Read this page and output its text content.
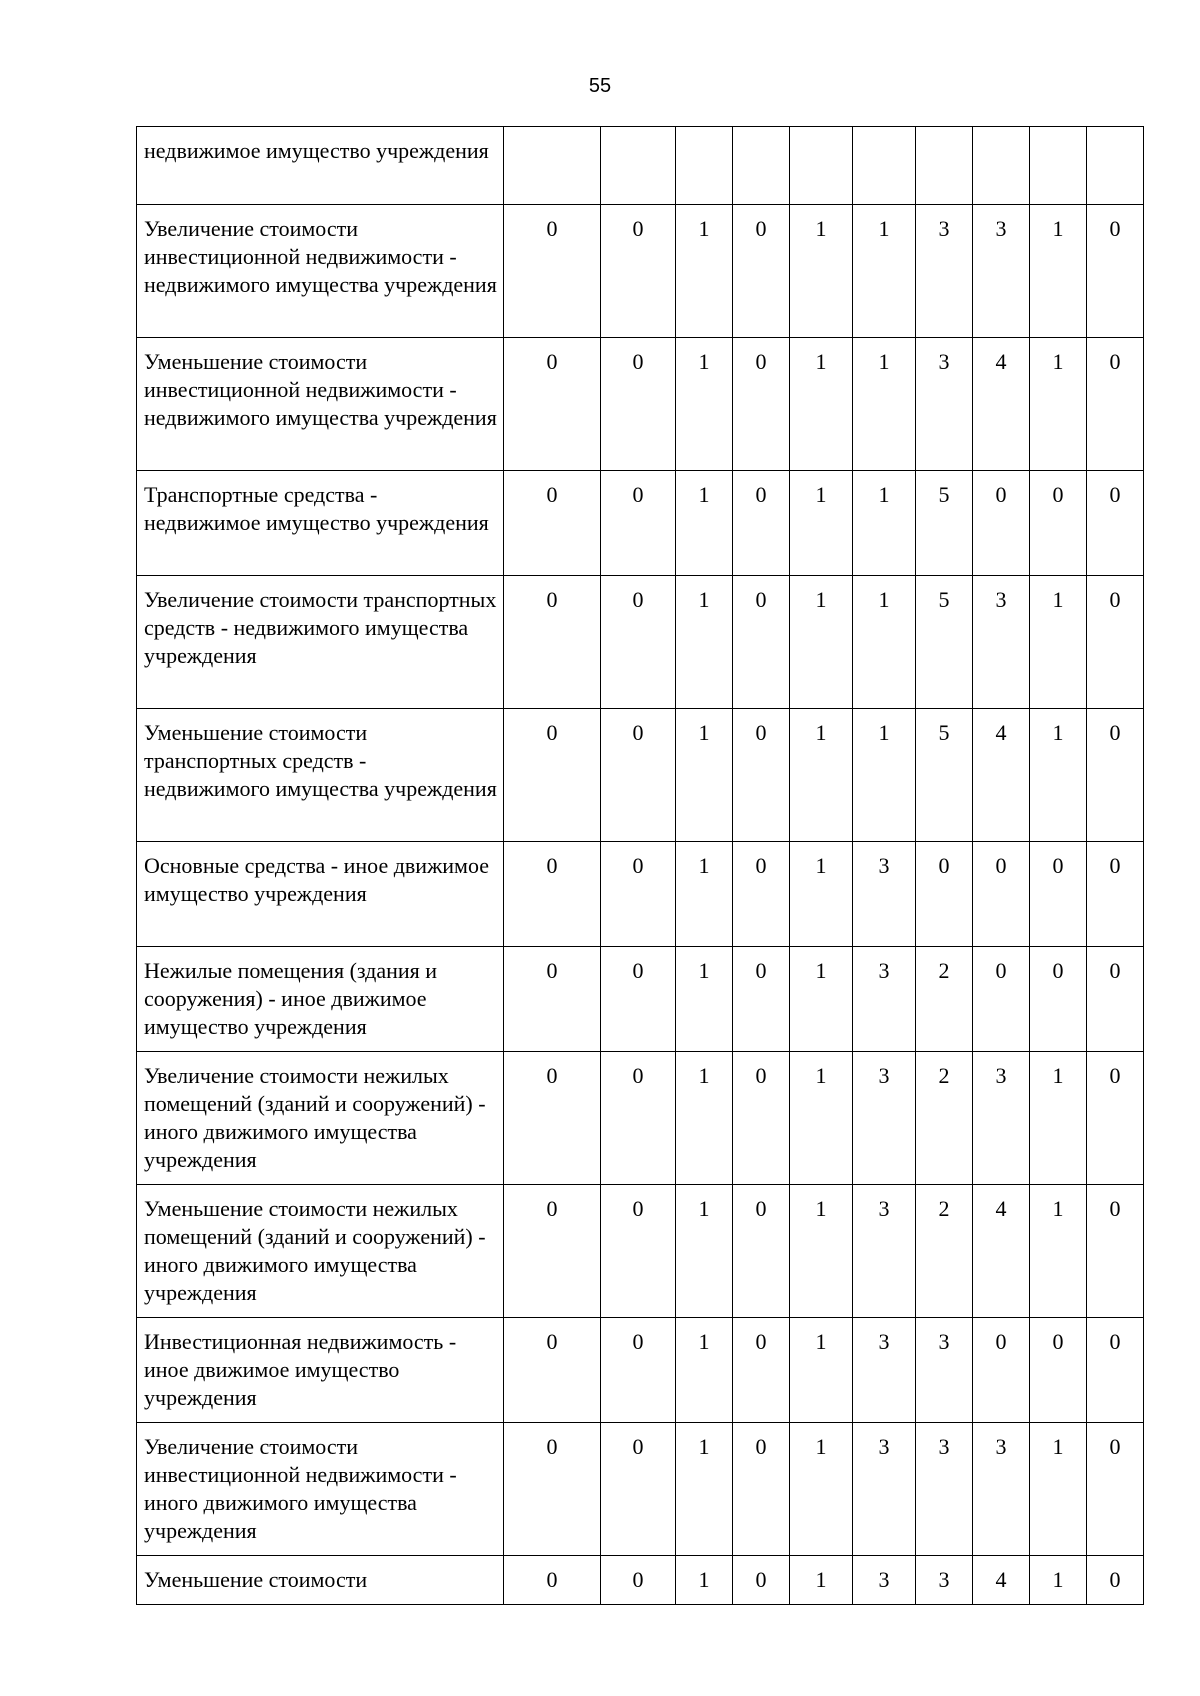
55
недвижимое имущество учреждения										
Увеличение стоимости инвестиционной недвижимости - недвижимого имущества учреждения	0	0	1	0	1	1	3	3	1	0
Уменьшение стоимости инвестиционной недвижимости - недвижимого имущества учреждения	0	0	1	0	1	1	3	4	1	0
Транспортные средства - недвижимое имущество учреждения	0	0	1	0	1	1	5	0	0	0
Увеличение стоимости транспортных средств - недвижимого имущества учреждения	0	0	1	0	1	1	5	3	1	0
Уменьшение стоимости транспортных средств - недвижимого имущества учреждения	0	0	1	0	1	1	5	4	1	0
Основные средства - иное движимое имущество учреждения	0	0	1	0	1	3	0	0	0	0
Нежилые помещения (здания и сооружения) - иное движимое имущество учреждения	0	0	1	0	1	3	2	0	0	0
Увеличение стоимости нежилых помещений (зданий и сооружений) - иного движимого имущества учреждения	0	0	1	0	1	3	2	3	1	0
Уменьшение стоимости нежилых помещений (зданий и сооружений) - иного движимого имущества учреждения	0	0	1	0	1	3	2	4	1	0
Инвестиционная недвижимость - иное движимое имущество учреждения	0	0	1	0	1	3	3	0	0	0
Увеличение стоимости инвестиционной недвижимости - иного движимого имущества учреждения	0	0	1	0	1	3	3	3	1	0
Уменьшение стоимости	0	0	1	0	1	3	3	4	1	0
